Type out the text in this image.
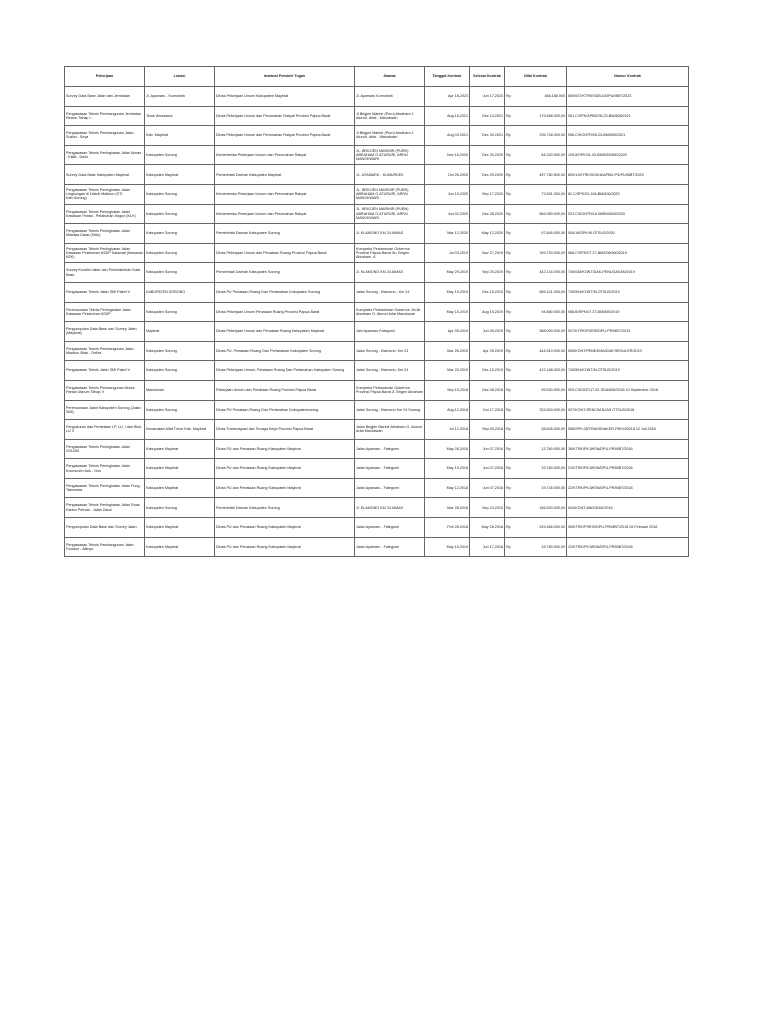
Pekerjaan	Lokasi	Instansi Pemberi Tugas	Alamat	Tanggal Kontrak	Selesai Kontrak	Nilai Kontrak		Nomor Kontrak
Survey Data Base Jalan dan Jembatan	Jl. Ayamaru - Kumurkek	Dinas Pekerjaan Umum Kabupaten Maybrat	Jl. Ayamaru Kumurkek	Apr 18,2023	Jun 17,2023	Rp	488.186.000	600/007/KTRK/SDBJJ/DPU/MBT/2023
Pengawasan Teknis Pembangunan Jembatan Rewon Tahap I	Teluk Wondama	Dinas Pekerjaan Umum dan Perumahan Rakyat Provinsi Papua Barat	Jl.Brigjen Marinir (Purn) Abraham J. Atururi, Arfai - Manokwari	Aug 16,2021	Dec 14,2021	Rp	179.458.000,00	051.C/SPK/APBD/05.23-BM/608/2021
Pengawasan Teknis Pembangunan Jalan Susiwi - Seya	Kab. Maybrat	Dinas Pekerjaan Umum dan Perumahan Rakyat Provinsi Papua Barat	Jl.Brigjen Marinir (Purn) Abraham J. Atururi, Arfai - Manokwari	Aug 03,2021	Dec 30,2021	Rp	236.748.000,00	056.C/KONTR/05.23-BM/600/2021
Pengawasan Teknis Peningkatan Jalan Aimas - Klalit - Deko	Kabupaten Sorong	Kementerian Pekerjaan Umum dan Perumahan Rakyat	JL. BRIGJEN MARINIR (PURN) ABRAHAM O.ATURURI, ARFAI MANOKWARI	Nov 16,2020	Dec 30,2020	Rp	84.320.900,00	129.8/SPK/31.03-BM/D53/600/2020
Survey Data Base Kabupaten Maybrat	Kabupaten Maybrat	Pemerintah Daerah Kabupaten Maybrat	JL. AYAMARU - KUMURKEK	Oct 26,2020	Dec 09,2020	Rp	497.780.500,00	600/11/KTRK/SO/KA/APBD-P/DPU/MBT/2020
Pengawasan Teknis Peningkatan Jalan Lingkungan di Distrik Makbon (STI Kab.Sorong)	Kabupaten Sorong	Kementerian Pekerjaan Umum dan Perumahan Rakyat	JL. BRIGJEN MARINIR (PURN) ABRAHAM O.ATURURI, ARFAI MANOKWARI	Jun 19,2020	Sep 17,2020	Rp	72.831.000,00	82.C/SPK/03.106-BM/600/2020
Pengawasan Teknis Peningkatan Jalan Kawasan Pantai - Pelabuhan Segun (KLK)	Kabupaten Sorong	Kementerian Pekerjaan Umum dan Perumahan Rakyat	JL. BRIGJEN MARINIR (PURN) ABRAHAM O.ATURURI, ARFAI MANOKWARI	Jun 02,2020	Dec 28,2020	Rp	565.950.000,00	023.C/KONTR/16.08/BM/600/2020
Pengawasan Teknis Peningkatan Jalan Mlasilas Darat (Sirtu)	Kabupaten Sorong	Pemerintah Daerah Kabupaten Sorong	Jl. KLAMONO KM 24 AIMAS	Mar 12,2020	May 12,2020	Rp	97.845.000,00	054/16/SPK/M.OTSUS/2020
Pengawasan Teknis Peningkatan Jalan Kawasan Pelabuhan ASDP Salawati (Kawasan KEK)	Kabupaten Sorong	Dinas Pekerjaan Umum dan Penataan Ruang Provinsi Papua Barat	Kompleks Perkantoran Gubernur Provinsi Papua Barat Jln. Brigen Abraham .A	Jul 03,2019	Nov 27,2019	Rp	199.730.000,00	066.C/SPK/07.27-BM/006/600/2019
Survey Kondisi Jalan dan Pemutakhiran Data Base	Kabupaten Sorong	Pemerintah Daerah Kabupaten Sorong	Jl. KLAMONO KM 24 AIMAS	May 29,2019	Sep 25,2019	Rp	442.134.000,00	740/045/KONT/DAK-PENUGASAN/2019
Pengawasan Teknis Jalan SMI Paket V	KABUPATEN SORONG	Dinas PU Penataan Ruang Dan Pertanahan Kabupaten Sorong	Jalan Sorong - Klamono - Km 24	May 15,2019	Dec 15,2019	Rp	585.101.000,00	740/504/KONT/M.OTSUS/2019
Perencanaan Teknis Peningkatan Jalan Kawasan Pelabuhan ASDP	Kabupaten Sorong	Dinas Pekerjaan Umum Penataan Ruang Provinsi Papua Barat	Kompleks Perkantoran Gubernur Jln.Br. Abraham O. Atururi Arfai Manokwari	May 15,2019	Aug 15,2019	Rp	94.880.000,00	066.B/SPK/07.27-BM/600/2019
Pengumpulan Data Base dan Survey Jalan (Maybrat)	Maybrat	Dinas Pekerjaan Umum dan Penataan Ruang Kabupaten Maybrat	Jaln Ayamaru Fategomi	Apr 09,2019	Jun 09,2019	Rp	388.000.000,00	007/KTRK/PSRIS/DPU-PR/MBT/2019
Pengawasan Teknis Pembangunan Jalan Mladolo Sitak - Defira	Kabupaten Sorong	Dinas PU, Penataan Ruang Dan Pertanahan Kabupaten Sorong	Jalan Sorong - Klamono, Km 24	Mar 26,2019	Apr 25,2019	Rp	444.510.000,00	008/KONT/PEMKEMA/DAK.REGULER/2019
Pengawasan Teknis Jalan SMI Paket V	Kabupaten Sorong	Dinas Pekerjaan Umum, Penataan Ruang Dan Pertanahan Kabupaten Sorong	Jalan Sorong - Klamono, Km 24	Mar 20,2019	Dec 15,2019	Rp	412.168.000,00	740/504/KONT/M.OTSUS/2019
Pengawasan Teknis Pembangunan Akses Pantai Utarum Tahap V	Manokwari	Pekerjaan Umum dan Penataan Ruang Provinsi Papua Barat	Kompleks Perkantoran Gubernur Provinsi Papua Barat Jl. Brigen Abraham	Sep 10,2018	Dec 08,2018	Rp	95.530.000,00	029.C/KONT/17.02-SDA/608/2018 10 September 2018
Perencanaan Jalan Kabupaten Sorong (Jalan SMI)	Kabupaten Sorong	Dinas PU Penataan Ruang Dan Pertanahan Kabupatensorong	Jalan Sorong - Klamono Km 24 Sorong	Aug 12,2018	Oct 17,2018	Rp	333.500.000,00	007/KONT-RENC/M.BJAS OTSUS/2018
Pengukuran dan Pemetaan LP, LU, I dan Blok LU II	Kecamatan Aifat Timur Kab. Maybrat	Dinas Transmigrasi dan Tenaga Kerja Provinsi Papua Barat	Jalan Brigjen Marinir Abraham O. Atururi Arfai Manokwari	Jul 12,2018	Sep 09,2018	Rp	38.836.000,00	598/SPK.05/TRANSNAKER-PB/VII/2018 12 Juli 2018
Pengawasan Teknis Peningkatan Jalan SOLBM	Kabupaten Maybrat	Dinas PU dan Penataan Ruang Kabupaten Maybrat	Jalan Ayamaru - Fategomi	May 26,2018	Jun 07,2018	Rp	13.780.000,00	26/KTRK/PKJWSN/DPU-PR/MBT/2018
Pengawasan Teknis Peningkatan Jalan Kocmonen Aus - Onu	Kabupaten Maybrat	Dinas PU dan Penataan Ruang Kabupaten Maybrat	Jalan Ayamaru - Fategomi	May 19,2018	Jun 07,2018	Rp	39.780.000,00	21/KTRK/PKJWSN/DPU-PR/MBT/2018
Pengawasan Teknis Peningkatan Jalan Fuog - Tatomiara	Kabupaten Maybrat	Dinas PU dan Penataan Ruang Kabupaten Maybrat	Jalan Ayamaru - Fategomi	May 12,2018	Jun 07,2018	Rp	19.745.000,00	22/KTRK/PKJWSN/DPU-PR/MBT/2018
Pengawasan Teknis Peningkatan Jalan Ruas Kantor Pemda - Jalan Zanul	Kabupaten Sorong	Pemerintah Daerah Kabupaten Sorong	Jl. KLAMONO KM 24 AIMAS	Mar 28,2018	Sep 24,2019	Rp	186.520.000,00	004/KONT-WAS/DAK/2018
Pengumpulan Data Base dan Survey Jalan	Kabupaten Maybrat	Dinas PU dan Penataan Ruang Kabupaten Maybrat	Jalan Ayamaru - Fategomi	Feb 28,2018	May 26,2018	Rp	249.466.000,00	05/KTRK/PSRIS/DPU-PR/MBT/2018 26 Februari 2018
Pengawasan Teknis Pembangunan Jalan Fuolase - Aitinyo	Kabupaten Maybrat	Dinas PU dan Penataan Ruang Kabupaten Maybrat	Jalan Ayamaru - Fategomi	May 15,2015	Jun 17,2018	Rp	19.780.000,00	22/KTRK/PKJWSN/DPU-PR/MBT/2018
